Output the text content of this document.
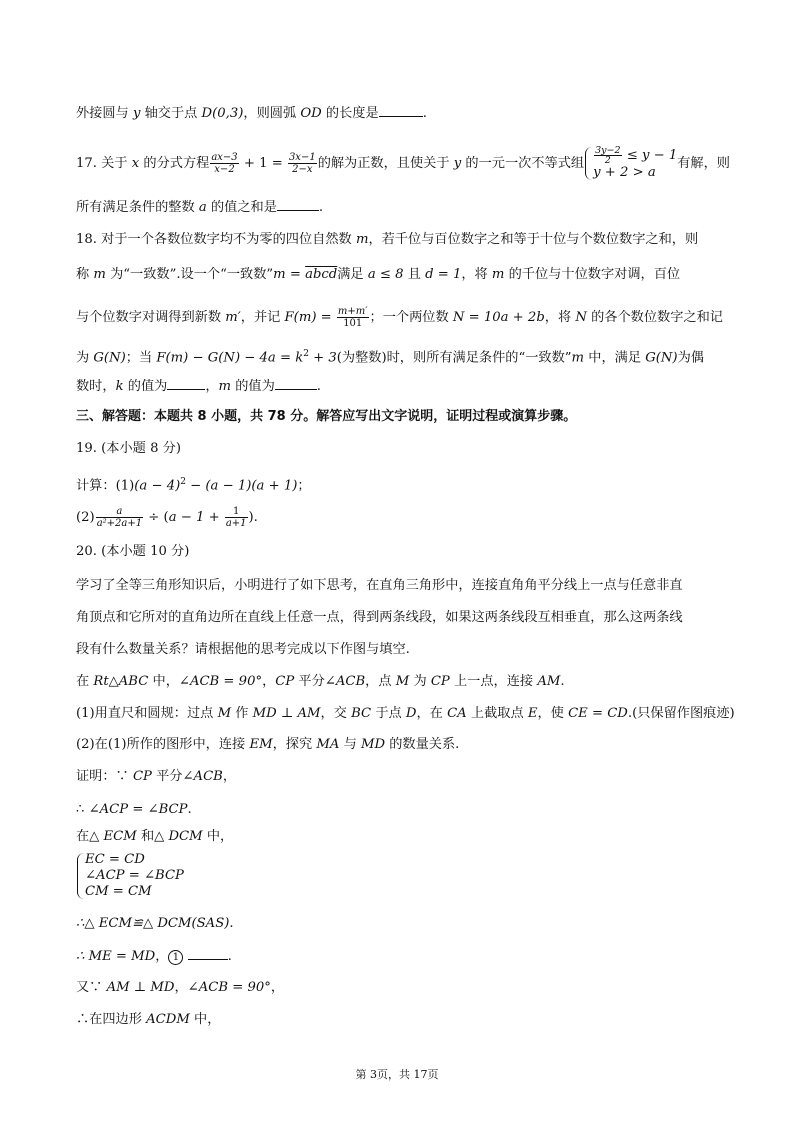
外接圆与 y 轴交于点 D(0,3)，则圆弧 OD 的长度是	.
17. 关于 x 的分式方程 $\frac{ax-3}{x-2} + 1 = \frac{3x-1}{2-x}$ 的解为正数，且使关于 y 的一元一次不等式组 $\frac{3y-2}{2} \le y - 1$
y + 2 > a
有解，则
所有满足条件的整数 a 的值之和是	.
18. 对于一个各数位数字均不为零的四位自然数 m，若千位与百位数字之和等于十位与个数位数字之和，则
称 m 为“一致数”.设一个“一致数”m = abcd满足 a ≤ 8 且 d = 1，将 m 的千位与十位数字对调，百位
与个位数字对调得到新数 m′，并记 $F(m) = \frac{m+m'}{101}$ ；一个两位数 N = 10a + 2b，将 N 的各个数位数字之和记
为 G(N)；当 $F(m) - G(N) - 4a = k^2 + 3$(为整数)时，则所有满足条件的“一致数”m 中，满足 G(N)为偶
数时，k 的值为	，m 的值为	.
三、解答题：本题共 8 小题，共 78 分。解答应写出文字说明，证明过程或演算步骤。
19. (本小题 8 分)
计算：$(1)(a - 4)^2 - (a - 1)(a + 1)$；
$(2) \frac{a}{\text{a²+2a+1}} \div (a - 1 + \frac{1}{a+1}$ ).
20. (本小题 10 分)
学习了全等三角形知识后，小明进行了如下思考，在直角三角形中，连接直角角平分线上一点与任意非直
角顶点和它所对的直角边所在直线上任意一点，得到两条线段，如果这两条线段互相垂直，那么这两条线
段有什么数量关系？请根据他的思考完成以下作图与填空.
在 Rt△ABC 中，∠ACB = 90°，CP 平分∠ACB，点 M 为 CP 上一点，连接 AM.
(1)用直尺和圆规：过点 M 作 MD ⊥ AM，交 BC 于点 D，在 CA 上截取点 E，使 CE = CD.(只保留作图痕迹)
(2)在(1)所作的图形中，连接 EM，探究 MA 与 MD 的数量关系.
证明：∵ CP 平分∠ACB，
∴ ∠ACP = ∠BCP.
在△ ECM 和△ DCM 中，
EC = CD
∠ACP = ∠BCP
CM = CM
∴△ ECM≌△ DCM(SAS).
∴ ME = MD， 1	.
又∵ AM ⊥ MD，∠ACB = 90°，
∴在四边形 ACDM 中，
第 3页，共 17页
